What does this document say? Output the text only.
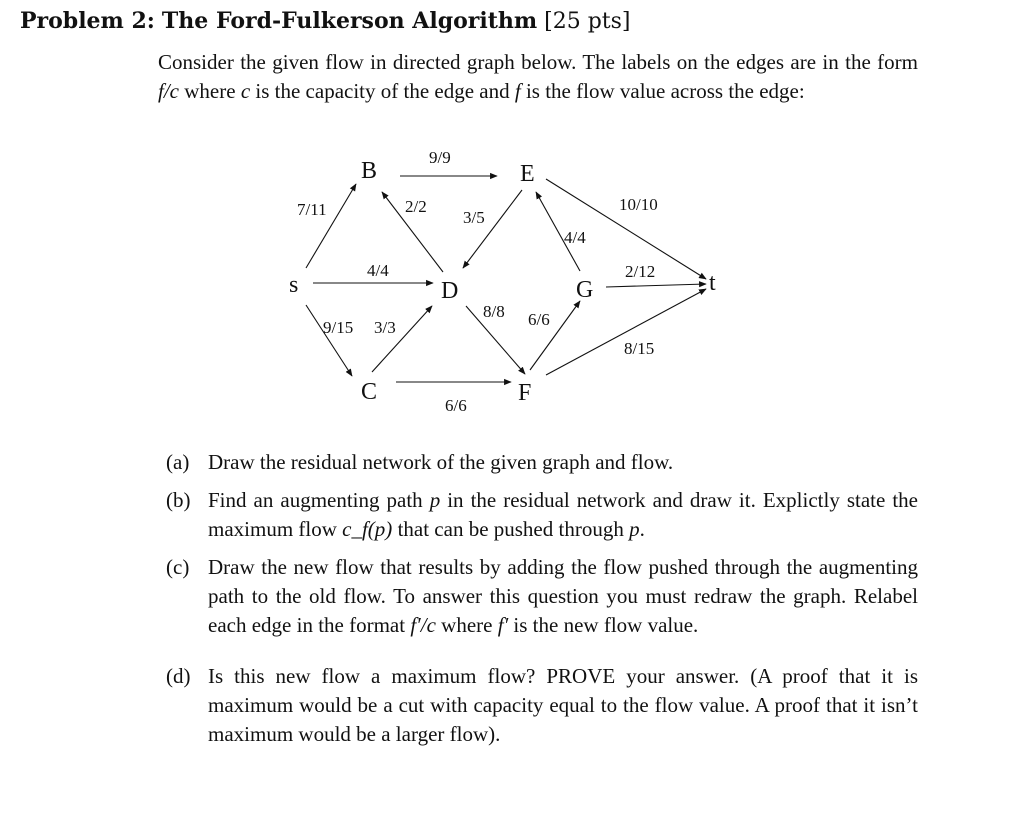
Problem 2: The Ford-Fulkerson Algorithm [25 pts]
Consider the given flow in directed graph below. The labels on the edges are in the form f/c where c is the capacity of the edge and f is the flow value across the edge:
s
B
C
D
E
F
G	t
7/11
9/15
4/4
2/2
9/9
3/5
3/3
6/6
8/8 6/6
4/4
10/10
2/12
8/15
(a) Draw the residual network of the given graph and flow.
(b) Find an augmenting path p in the residual network and draw it. Explictly state the maximum flow c_f(p) that can be pushed through p.
(c) Draw the new flow that results by adding the flow pushed through the augmenting path to the old flow. To answer this question you must redraw the graph. Relabel each edge in the format f′/c where f′ is the new flow value.
(d) Is this new flow a maximum flow? PROVE your answer. (A proof that it is maximum would be a cut with capacity equal to the flow value. A proof that it isn’t maximum would be a larger flow).
